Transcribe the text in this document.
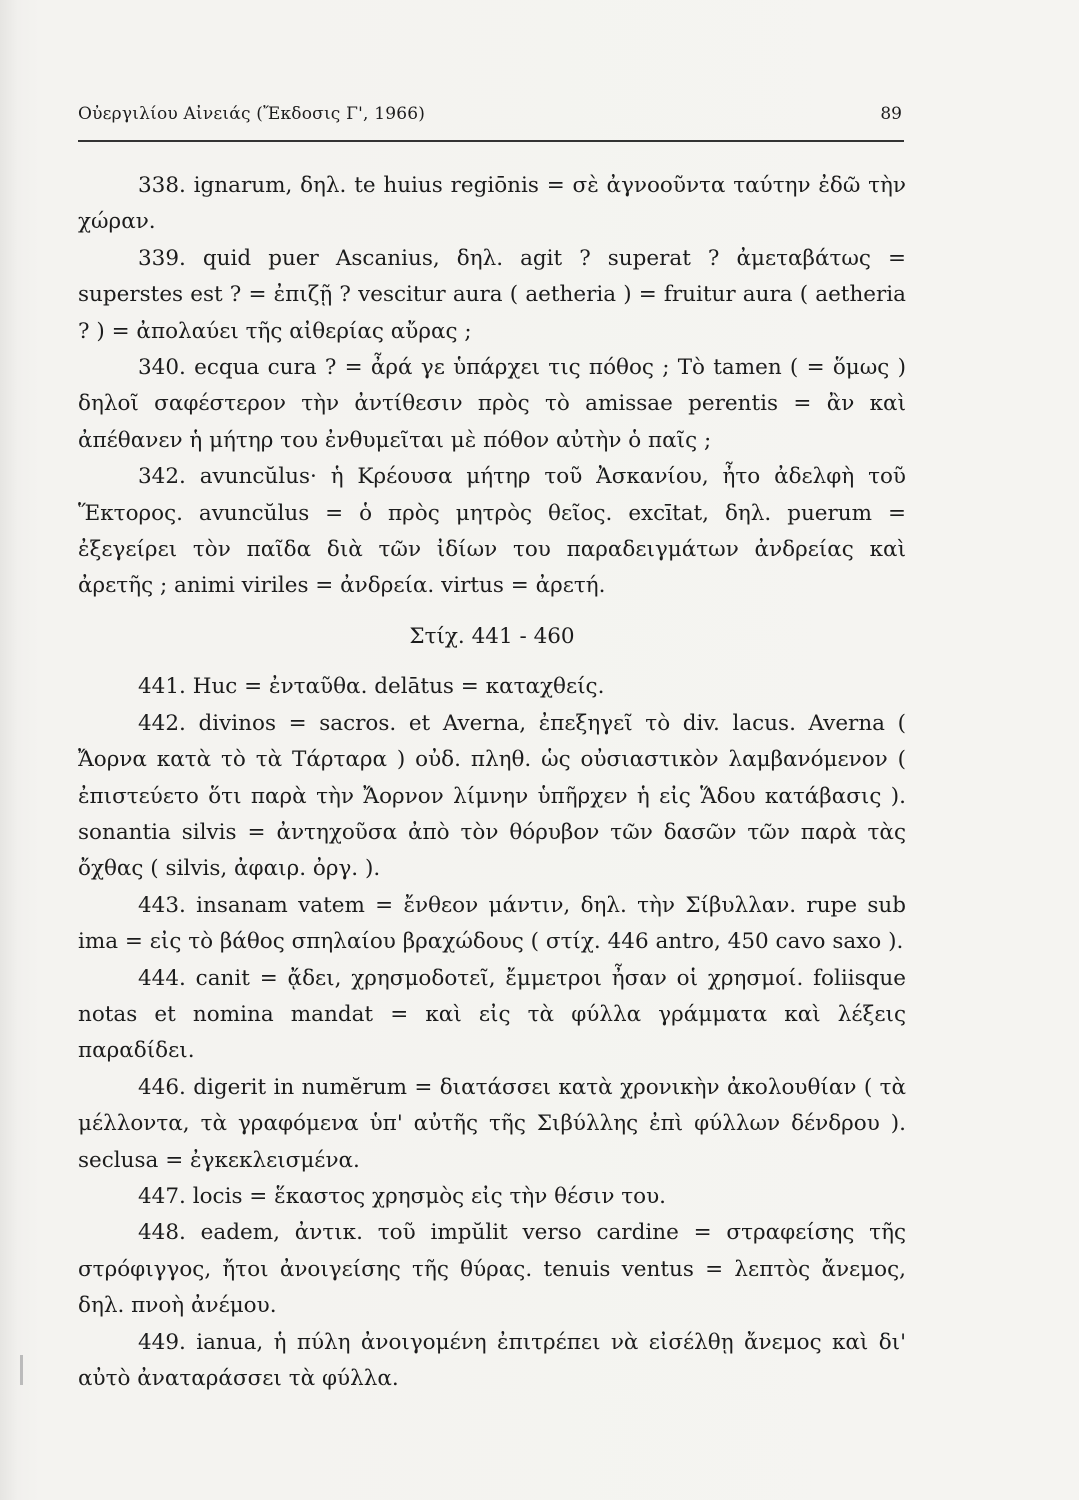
Οὐεργιλίου Αἰνειάς (Ἔκδοσις Γ', 1966)	89

338. ignarum, δηλ. te huius regiōnis = σὲ ἀγνοοῦντα ταύτην ἐδῶ τὴν χώραν.

339. quid puer Ascanius, δηλ. agit ? superat ? ἀμεταβάτως = superstes est ? = ἐπιζῇ ? vescitur aura ( aetheria ) = fruitur aura ( aetheria ? ) = ἀπολαύει τῆς αἰθερίας αὔρας ;

340. ecqua cura ? = ἆρά γε ὑπάρχει τις πόθος ; Τὸ tamen ( = ὅμως ) δηλοῖ σαφέστερον τὴν ἀντίθεσιν πρὸς τὸ amissae perentis = ἂν καὶ ἀπέθανεν ἡ μήτηρ του ἐνθυμεῖται μὲ πόθον αὐτὴν ὁ παῖς ;

342. avuncŭlus· ἡ Κρέουσα μήτηρ τοῦ Ἀσκανίου, ἦτο ἀδελφὴ τοῦ Ἕκτορος. avuncŭlus = ὁ πρὸς μητρὸς θεῖος. excītat, δηλ. puerum = ἐξεγείρει τὸν παῖδα διὰ τῶν ἰδίων του παραδειγμάτων ἀνδρείας καὶ ἀρετῆς ; animi viriles = ἀνδρεία. virtus = ἀρετή.

Στίχ. 441 - 460

441. Huc = ἐνταῦθα. delātus = καταχθείς.

442. divinos = sacros. et Averna, ἐπεξηγεῖ τὸ div. lacus. Averna ( Ἄορνα κατὰ τὸ τὰ Τάρταρα ) οὐδ. πληθ. ὡς οὐσιαστικὸν λαμβανόμενον ( ἐπιστεύετο ὅτι παρὰ τὴν Ἄορνον λίμνην ὑπῆρχεν ἡ εἰς Ἅδου κατάβασις ). sonantia silvis = ἀντηχοῦσα ἀπὸ τὸν θόρυβον τῶν δασῶν τῶν παρὰ τὰς ὄχθας ( silvis, ἀφαιρ. ὀργ. ).

443. insanam vatem = ἔνθεον μάντιν, δηλ. τὴν Σίβυλλαν. rupe sub ima = εἰς τὸ βάθος σπηλαίου βραχώδους ( στίχ. 446 antro, 450 cavo saxo ).

444. canit = ᾄδει, χρησμοδοτεῖ, ἔμμετροι ἦσαν οἱ χρησμοί. foliisque notas et nomina mandat = καὶ εἰς τὰ φύλλα γράμματα καὶ λέξεις παραδίδει.

446. digerit in numĕrum = διατάσσει κατὰ χρονικὴν ἀκολουθίαν ( τὰ μέλλοντα, τὰ γραφόμενα ὑπ' αὐτῆς τῆς Σιβύλλης ἐπὶ φύλλων δένδρου ). seclusa = ἐγκεκλεισμένα.

447. locis = ἕκαστος χρησμὸς εἰς τὴν θέσιν του.

448. eadem, ἀντικ. τοῦ impŭlit verso cardine = στραφείσης τῆς στρόφιγγος, ἤτοι ἀνοιγείσης τῆς θύρας. tenuis ventus = λεπτὸς ἄνεμος, δηλ. πνοὴ ἀνέμου.

449. ianua, ἡ πύλη ἀνοιγομένη ἐπιτρέπει νὰ εἰσέλθῃ ἄνεμος καὶ δι' αὐτὸ ἀναταράσσει τὰ φύλλα.
